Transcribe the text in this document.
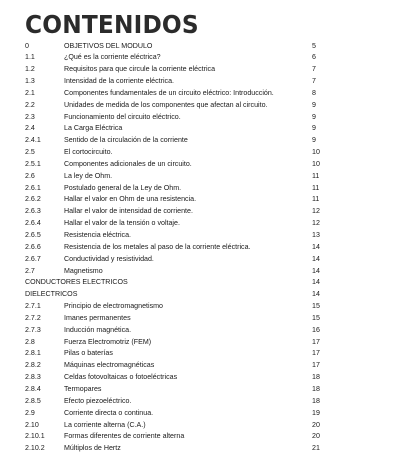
CONTENIDOS
0	OBJETIVOS DEL MODULO	5
1.1	¿Qué es la corriente eléctrica?	6
1.2	Requisitos para que circule la corriente eléctrica	7
1.3	Intensidad de la corriente eléctrica.	7
2.1	Componentes fundamentales de un circuito eléctrico: Introducción.	8
2.2	Unidades de medida de los componentes que afectan al circuito.	9
2.3	Funcionamiento del circuito eléctrico.	9
2.4	La Carga Eléctrica	9
2.4.1	Sentido de la circulación de la corriente	9
2.5	El cortocircuito.	10
2.5.1	Componentes adicionales de un circuito.	10
2.6	La ley de Ohm.	11
2.6.1	Postulado general de la Ley de Ohm.	11
2.6.2	Hallar el valor en Ohm de una resistencia.	11
2.6.3	Hallar el valor de intensidad de corriente.	12
2.6.4	Hallar el valor de la tensión o voltaje.	12
2.6.5	Resistencia eléctrica.	13
2.6.6	Resistencia de los metales al paso de la corriente eléctrica.	14
2.6.7	Conductividad y resistividad.	14
2.7	Magnetismo	14
CONDUCTORES ELECTRICOS	14
DIELECTRICOS	14
2.7.1	Principio de electromagnetismo	15
2.7.2	Imanes permanentes	15
2.7.3	Inducción magnética.	16
2.8	Fuerza Electromotriz (FEM)	17
2.8.1	Pilas o baterías	17
2.8.2	Máquinas electromagnéticas	17
2.8.3	Celdas fotovoltaicas o fotoeléctricas	18
2.8.4	Termopares	18
2.8.5	Efecto piezoeléctrico.	18
2.9	Corriente directa o continua.	19
2.10	La corriente alterna (C.A.)	20
2.10.1	Formas diferentes de corriente alterna	20
2.10.2	Múltiplos de Hertz	21
